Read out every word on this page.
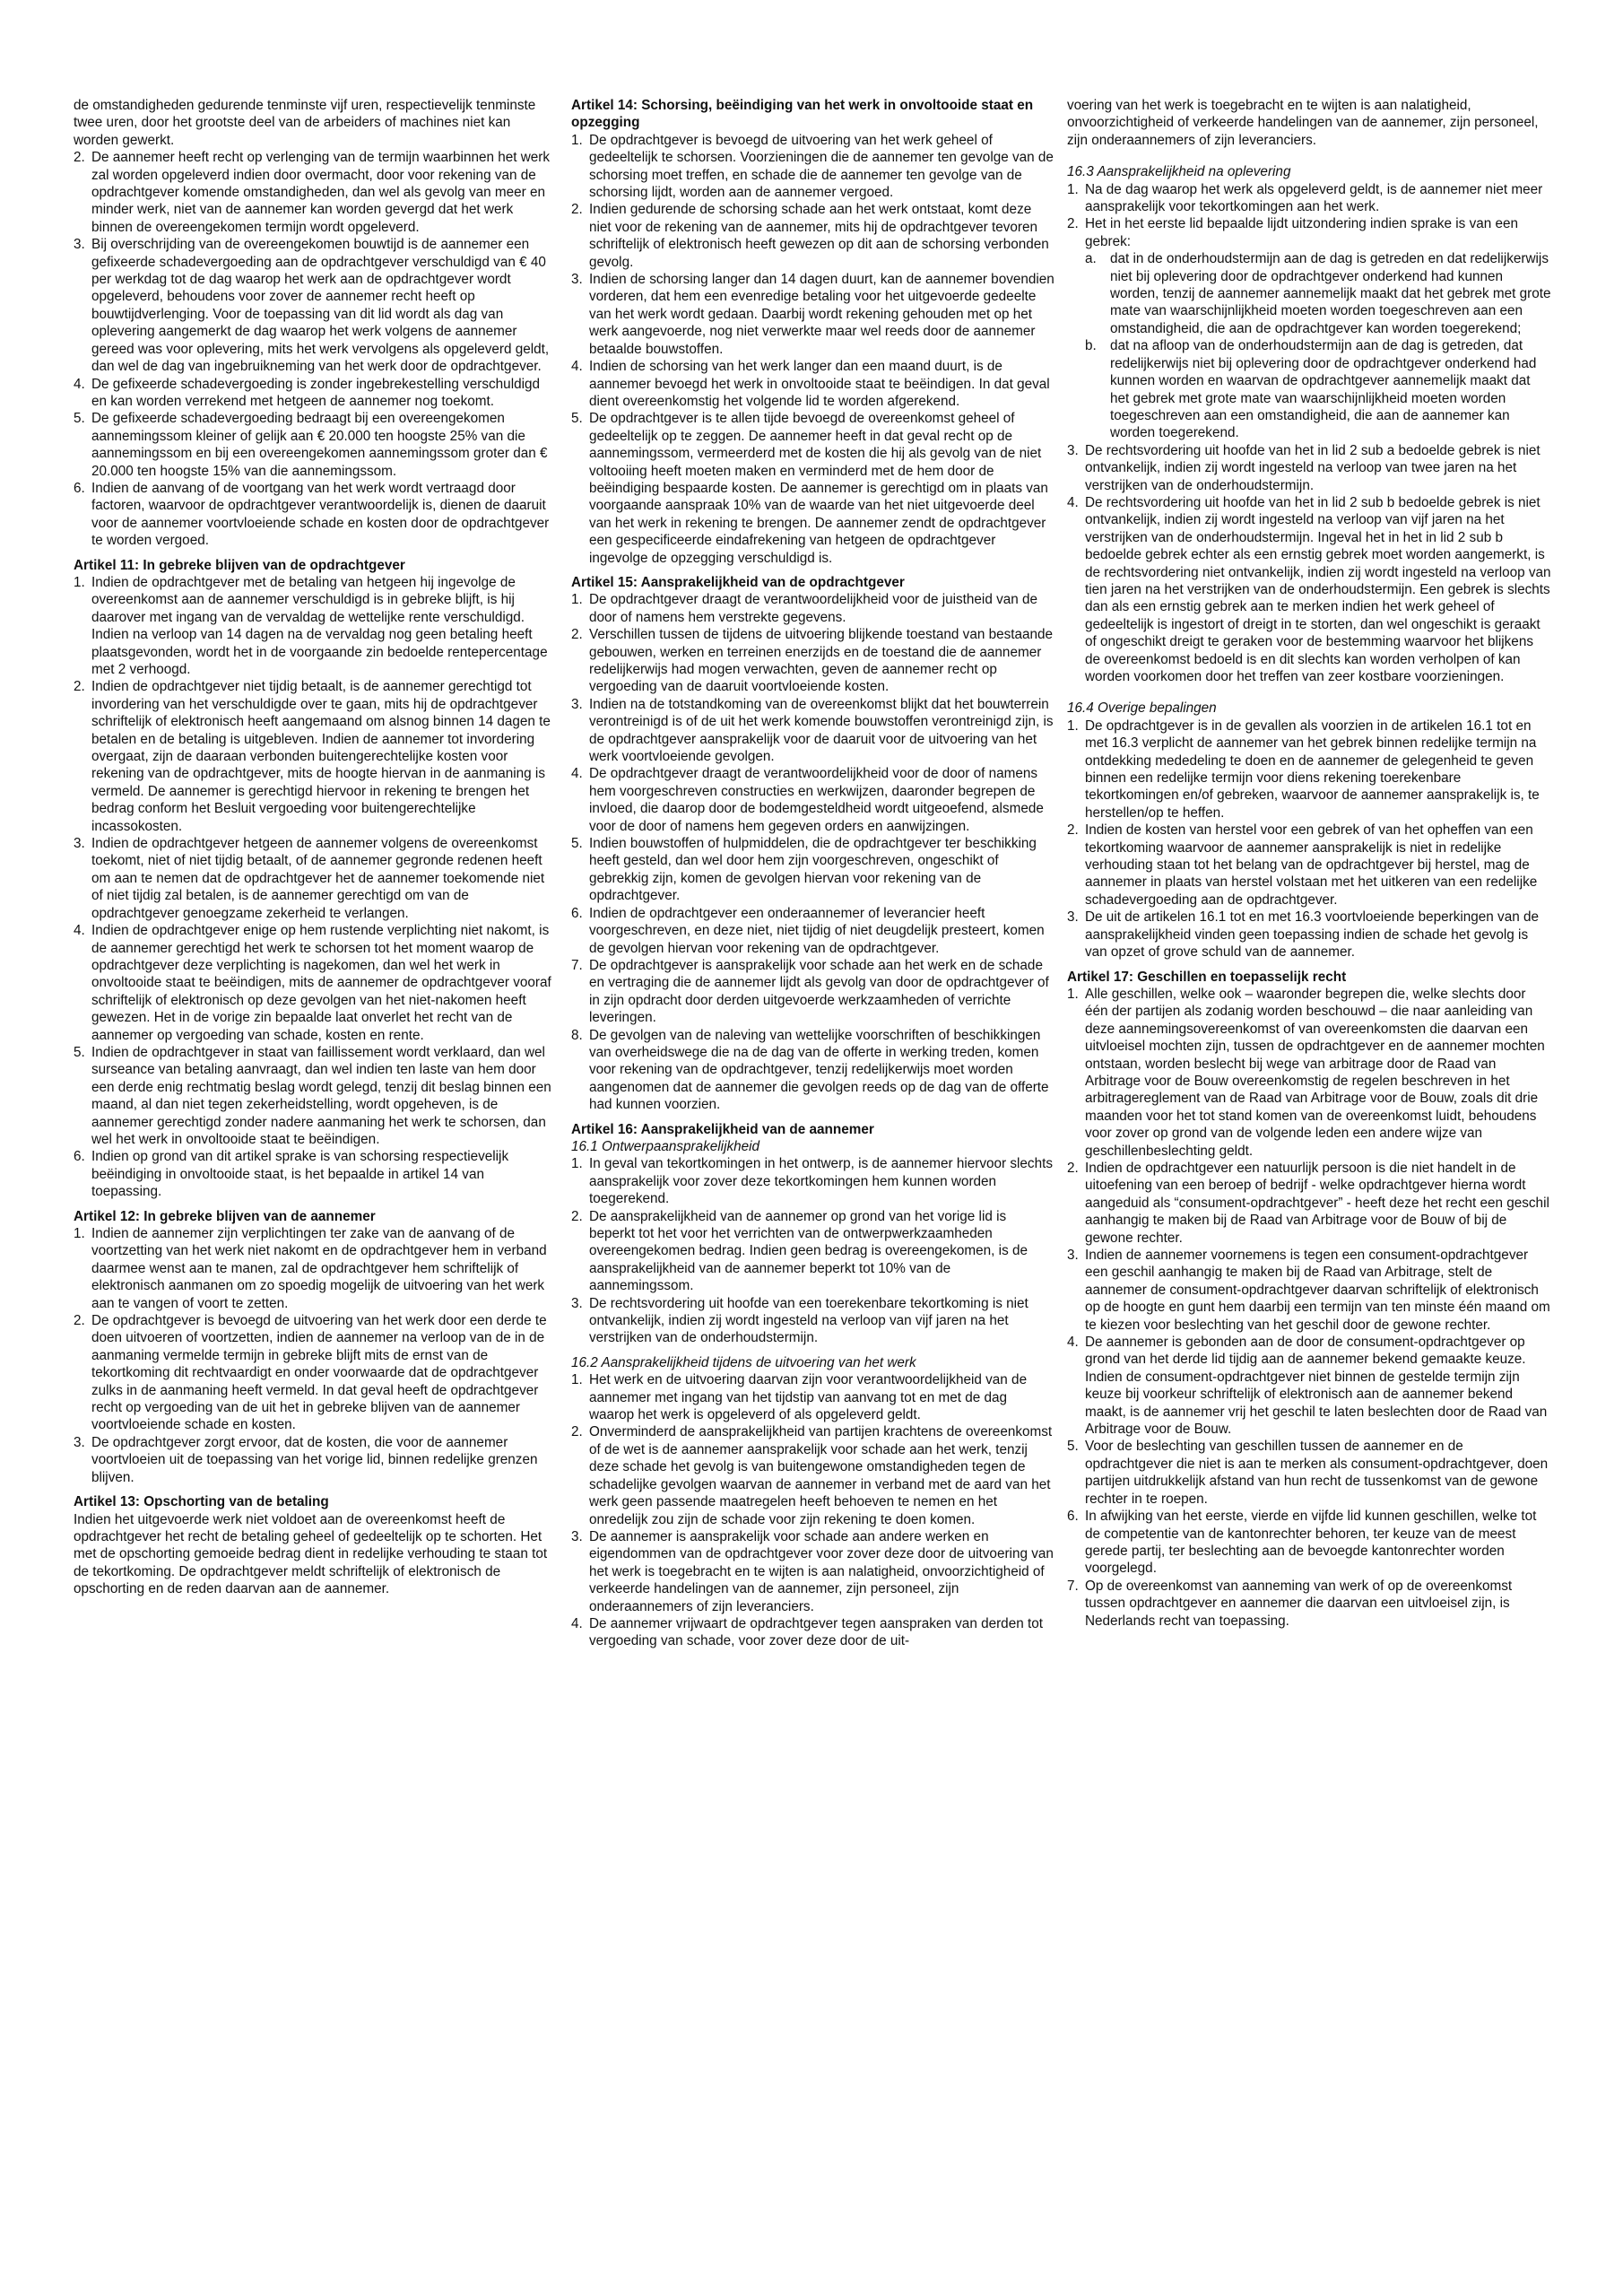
de omstandigheden gedurende tenminste vijf uren, respectievelijk tenminste twee uren, door het grootste deel van de arbeiders of machines niet kan worden gewerkt.

2. De aannemer heeft recht op verlenging van de termijn waarbinnen het werk zal worden opgeleverd indien door overmacht, door voor rekening van de opdrachtgever komende omstandigheden, dan wel als gevolg van meer en minder werk, niet van de aannemer kan worden gevergd dat het werk binnen de overeengekomen termijn wordt opgeleverd.
3. Bij overschrijding van de overeengekomen bouwtijd is de aannemer een gefixeerde schadevergoeding aan de opdrachtgever verschuldigd van € 40 per werkdag tot de dag waarop het werk aan de opdrachtgever wordt opgeleverd, behoudens voor zover de aannemer recht heeft op bouwtijdverlenging. Voor de toepassing van dit lid wordt als dag van oplevering aangemerkt de dag waarop het werk volgens de aannemer gereed was voor oplevering, mits het werk vervolgens als opgeleverd geldt, dan wel de dag van ingebruikneming van het werk door de opdrachtgever.
4. De gefixeerde schadevergoeding is zonder ingebrekestelling verschuldigd en kan worden verrekend met hetgeen de aannemer nog toekomt.
5. De gefixeerde schadevergoeding bedraagt bij een overeengekomen aannemingssom kleiner of gelijk aan € 20.000 ten hoogste 25% van die aannemingssom en bij een overeengekomen aannemingssom groter dan € 20.000 ten hoogste 15% van die aannemingssom.
6. Indien de aanvang of de voortgang van het werk wordt vertraagd door factoren, waarvoor de opdrachtgever verantwoordelijk is, dienen de daaruit voor de aannemer voortvloeiende schade en kosten door de opdrachtgever te worden vergoed.

Artikel 11: In gebreke blijven van de opdrachtgever

1. Indien de opdrachtgever met de betaling van hetgeen hij ingevolge de overeenkomst aan de aannemer verschuldigd is in gebreke blijft, is hij daarover met ingang van de vervaldag de wettelijke rente verschuldigd. Indien na verloop van 14 dagen na de vervaldag nog geen betaling heeft plaatsgevonden, wordt het in de voorgaande zin bedoelde rentepercentage met 2 verhoogd.
2. Indien de opdrachtgever niet tijdig betaalt, is de aannemer gerechtigd tot invordering van het verschuldigde over te gaan, mits hij de opdrachtgever schriftelijk of elektronisch heeft aangemaand om alsnog binnen 14 dagen te betalen en de betaling is uitgebleven. Indien de aannemer tot invordering overgaat, zijn de daaraan verbonden buitengerechtelijke kosten voor rekening van de opdrachtgever, mits de hoogte hiervan in de aanmaning is vermeld. De aannemer is gerechtigd hiervoor in rekening te brengen het bedrag conform het Besluit vergoeding voor buitengerechtelijke incassokosten.
3. Indien de opdrachtgever hetgeen de aannemer volgens de overeenkomst toekomt, niet of niet tijdig betaalt, of de aannemer gegronde redenen heeft om aan te nemen dat de opdrachtgever het de aannemer toekomende niet of niet tijdig zal betalen, is de aannemer gerechtigd om van de opdrachtgever genoegzame zekerheid te verlangen.
4. Indien de opdrachtgever enige op hem rustende verplichting niet nakomt, is de aannemer gerechtigd het werk te schorsen tot het moment waarop de opdrachtgever deze verplichting is nagekomen, dan wel het werk in onvoltooide staat te beëindigen, mits de aannemer de opdrachtgever vooraf schriftelijk of elektronisch op deze gevolgen van het niet-nakomen heeft gewezen. Het in de vorige zin bepaalde laat onverlet het recht van de aannemer op vergoeding van schade, kosten en rente.
5. Indien de opdrachtgever in staat van faillissement wordt verklaard, dan wel surseance van betaling aanvraagt, dan wel indien ten laste van hem door een derde enig rechtmatig beslag wordt gelegd, tenzij dit beslag binnen een maand, al dan niet tegen zekerheidstelling, wordt opgeheven, is de aannemer gerechtigd zonder nadere aanmaning het werk te schorsen, dan wel het werk in onvoltooide staat te beëindigen.
6. Indien op grond van dit artikel sprake is van schorsing respectievelijk beëindiging in onvoltooide staat, is het bepaalde in artikel 14 van toepassing.

Artikel 12: In gebreke blijven van de aannemer

1. Indien de aannemer zijn verplichtingen ter zake van de aanvang of de voortzetting van het werk niet nakomt en de opdrachtgever hem in verband daarmee wenst aan te manen, zal de opdrachtgever hem schriftelijk of elektronisch aanmanen om zo spoedig mogelijk de uitvoering van het werk aan te vangen of voort te zetten.
2. De opdrachtgever is bevoegd de uitvoering van het werk door een derde te doen uitvoeren of voortzetten, indien de aannemer na verloop van de in de aanmaning vermelde termijn in gebreke blijft mits de ernst van de tekortkoming dit rechtvaardigt en onder voorwaarde dat de opdrachtgever zulks in de aanmaning heeft vermeld. In dat geval heeft de opdrachtgever recht op vergoeding van de uit het in gebreke blijven van de aannemer voortvloeiende schade en kosten.
3. De opdrachtgever zorgt ervoor, dat de kosten, die voor de aannemer voortvloeien uit de toepassing van het vorige lid, binnen redelijke grenzen blijven.

Artikel 13: Opschorting van de betaling

Indien het uitgevoerde werk niet voldoet aan de overeenkomst heeft de opdrachtgever het recht de betaling geheel of gedeeltelijk op te schorten. Het met de opschorting gemoeide bedrag dient in redelijke verhouding te staan tot de tekortkoming. De opdrachtgever meldt schriftelijk of elektronisch de opschorting en de reden daarvan aan de aannemer.

Artikel 14: Schorsing, beëindiging van het werk in onvoltooide staat en opzegging

1. De opdrachtgever is bevoegd de uitvoering van het werk geheel of gedeeltelijk te schorsen. Voorzieningen die de aannemer ten gevolge van de schorsing moet treffen, en schade die de aannemer ten gevolge van de schorsing lijdt, worden aan de aannemer vergoed.
2. Indien gedurende de schorsing schade aan het werk ontstaat, komt deze niet voor de rekening van de aannemer, mits hij de opdrachtgever tevoren schriftelijk of elektronisch heeft gewezen op dit aan de schorsing verbonden gevolg.
3. Indien de schorsing langer dan 14 dagen duurt, kan de aannemer bovendien vorderen, dat hem een evenredige betaling voor het uitgevoerde gedeelte van het werk wordt gedaan. Daarbij wordt rekening gehouden met op het werk aangevoerde, nog niet verwerkte maar wel reeds door de aannemer betaalde bouwstoffen.
4. Indien de schorsing van het werk langer dan een maand duurt, is de aannemer bevoegd het werk in onvoltooide staat te beëindigen. In dat geval dient overeenkomstig het volgende lid te worden afgerekend.
5. De opdrachtgever is te allen tijde bevoegd de overeenkomst geheel of gedeeltelijk op te zeggen. De aannemer heeft in dat geval recht op de aannemingssom, vermeerderd met de kosten die hij als gevolg van de niet voltooiing heeft moeten maken en verminderd met de hem door de beëindiging bespaarde kosten. De aannemer is gerechtigd om in plaats van voorgaande aanspraak 10% van de waarde van het niet uitgevoerde deel van het werk in rekening te brengen. De aannemer zendt de opdrachtgever een gespecificeerde eindafrekening van hetgeen de opdrachtgever ingevolge de opzegging verschuldigd is.

Artikel 15: Aansprakelijkheid van de opdrachtgever

1. De opdrachtgever draagt de verantwoordelijkheid voor de juistheid van de door of namens hem verstrekte gegevens.
2. Verschillen tussen de tijdens de uitvoering blijkende toestand van bestaande gebouwen, werken en terreinen enerzijds en de toestand die de aannemer redelijkerwijs had mogen verwachten, geven de aannemer recht op vergoeding van de daaruit voortvloeiende kosten.
3. Indien na de totstandkoming van de overeenkomst blijkt dat het bouwterrein verontreinigd is of de uit het werk komende bouwstoffen verontreinigd zijn, is de opdrachtgever aansprakelijk voor de daaruit voor de uitvoering van het werk voortvloeiende gevolgen.
4. De opdrachtgever draagt de verantwoordelijkheid voor de door of namens hem voorgeschreven constructies en werkwijzen, daaronder begrepen de invloed, die daarop door de bodemgesteldheid wordt uitgeoefend, alsmede voor de door of namens hem gegeven orders en aanwijzingen.
5. Indien bouwstoffen of hulpmiddelen, die de opdrachtgever ter beschikking heeft gesteld, dan wel door hem zijn voorgeschreven, ongeschikt of gebrekkig zijn, komen de gevolgen hiervan voor rekening van de opdrachtgever.
6. Indien de opdrachtgever een onderaannemer of leverancier heeft voorgeschreven, en deze niet, niet tijdig of niet deugdelijk presteert, komen de gevolgen hiervan voor rekening van de opdrachtgever.
7. De opdrachtgever is aansprakelijk voor schade aan het werk en de schade en vertraging die de aannemer lijdt als gevolg van door de opdrachtgever of in zijn opdracht door derden uitgevoerde werkzaamheden of verrichte leveringen.
8. De gevolgen van de naleving van wettelijke voorschriften of beschikkingen van overheidswege die na de dag van de offerte in werking treden, komen voor rekening van de opdrachtgever, tenzij redelijkerwijs moet worden aangenomen dat de aannemer die gevolgen reeds op de dag van de offerte had kunnen voorzien.

Artikel 16: Aansprakelijkheid van de aannemer

16.1 Ontwerpaansprakelijkheid

1. In geval van tekortkomingen in het ontwerp, is de aannemer hiervoor slechts aansprakelijk voor zover deze tekortkomingen hem kunnen worden toegerekend.
2. De aansprakelijkheid van de aannemer op grond van het vorige lid is beperkt tot het voor het verrichten van de ontwerpwerkzaamheden overeengekomen bedrag. Indien geen bedrag is overeengekomen, is de aansprakelijkheid van de aannemer beperkt tot 10% van de aannemingssom.
3. De rechtsvordering uit hoofde van een toerekenbare tekortkoming is niet ontvankelijk, indien zij wordt ingesteld na verloop van vijf jaren na het verstrijken van de onderhoudstermijn.

16.2 Aansprakelijkheid tijdens de uitvoering van het werk

1. Het werk en de uitvoering daarvan zijn voor verantwoordelijkheid van de aannemer met ingang van het tijdstip van aanvang tot en met de dag waarop het werk is opgeleverd of als opgeleverd geldt.
2. Onverminderd de aansprakelijkheid van partijen krachtens de overeenkomst of de wet is de aannemer aansprakelijk voor schade aan het werk, tenzij deze schade het gevolg is van buitengewone omstandigheden tegen de schadelijke gevolgen waarvan de aannemer in verband met de aard van het werk geen passende maatregelen heeft behoeven te nemen en het onredelijk zou zijn de schade voor zijn rekening te doen komen.
3. De aannemer is aansprakelijk voor schade aan andere werken en eigendommen van de opdrachtgever voor zover deze door de uitvoering van het werk is toegebracht en te wijten is aan nalatigheid, onvoorzichtigheid of verkeerde handelingen van de aannemer, zijn personeel, zijn onderaannemers of zijn leveranciers.
4. De aannemer vrijwaart de opdrachtgever tegen aanspraken van derden tot vergoeding van schade, voor zover deze door de uit-

voering van het werk is toegebracht en te wijten is aan nalatigheid, onvoorzichtigheid of verkeerde handelingen van de aannemer, zijn personeel, zijn onderaannemers of zijn leveranciers.

16.3 Aansprakelijkheid na oplevering

1. Na de dag waarop het werk als opgeleverd geldt, is de aannemer niet meer aansprakelijk voor tekortkomingen aan het werk.
2. Het in het eerste lid bepaalde lijdt uitzondering indien sprake is van een gebrek:
a. dat in de onderhoudstermijn aan de dag is getreden en dat redelijkerwijs niet bij oplevering door de opdrachtgever onderkend had kunnen worden, tenzij de aannemer aannemelijk maakt dat het gebrek met grote mate van waarschijnlijkheid moeten worden toegeschreven aan een omstandigheid, die aan de opdrachtgever kan worden toegerekend;
b. dat na afloop van de onderhoudstermijn aan de dag is getreden, dat redelijkerwijs niet bij oplevering door de opdrachtgever onderkend had kunnen worden en waarvan de opdrachtgever aannemelijk maakt dat het gebrek met grote mate van waarschijnlijkheid moeten worden toegeschreven aan een omstandigheid, die aan de aannemer kan worden toegerekend.
3. De rechtsvordering uit hoofde van het in lid 2 sub a bedoelde gebrek is niet ontvankelijk, indien zij wordt ingesteld na verloop van twee jaren na het verstrijken van de onderhoudstermijn.
4. De rechtsvordering uit hoofde van het in lid 2 sub b bedoelde gebrek is niet ontvankelijk, indien zij wordt ingesteld na verloop van vijf jaren na het verstrijken van de onderhoudstermijn. Ingeval het in het in lid 2 sub b bedoelde gebrek echter als een ernstig gebrek moet worden aangemerkt, is de rechtsvordering niet ontvankelijk, indien zij wordt ingesteld na verloop van tien jaren na het verstrijken van de onderhoudstermijn. Een gebrek is slechts dan als een ernstig gebrek aan te merken indien het werk geheel of gedeeltelijk is ingestort of dreigt in te storten, dan wel ongeschikt is geraakt of ongeschikt dreigt te geraken voor de bestemming waarvoor het blijkens de overeenkomst bedoeld is en dit slechts kan worden verholpen of kan worden voorkomen door het treffen van zeer kostbare voorzieningen.

16.4 Overige bepalingen

1. De opdrachtgever is in de gevallen als voorzien in de artikelen 16.1 tot en met 16.3 verplicht de aannemer van het gebrek binnen redelijke termijn na ontdekking mededeling te doen en de aannemer de gelegenheid te geven binnen een redelijke termijn voor diens rekening toerekenbare tekortkomingen en/of gebreken, waarvoor de aannemer aansprakelijk is, te herstellen/op te heffen.
2. Indien de kosten van herstel voor een gebrek of van het opheffen van een tekortkoming waarvoor de aannemer aansprakelijk is niet in redelijke verhouding staan tot het belang van de opdrachtgever bij herstel, mag de aannemer in plaats van herstel volstaan met het uitkeren van een redelijke schadevergoeding aan de opdrachtgever.
3. De uit de artikelen 16.1 tot en met 16.3 voortvloeiende beperkingen van de aansprakelijkheid vinden geen toepassing indien de schade het gevolg is van opzet of grove schuld van de aannemer.

Artikel 17: Geschillen en toepasselijk recht

1. Alle geschillen, welke ook – waaronder begrepen die, welke slechts door één der partijen als zodanig worden beschouwd – die naar aanleiding van deze aannemingsovereenkomst of van overeenkomsten die daarvan een uitvloeisel mochten zijn, tussen de opdrachtgever en de aannemer mochten ontstaan, worden beslecht bij wege van arbitrage door de Raad van Arbitrage voor de Bouw overeenkomstig de regelen beschreven in het arbitragereglement van de Raad van Arbitrage voor de Bouw, zoals dit drie maanden voor het tot stand komen van de overeenkomst luidt, behoudens voor zover op grond van de volgende leden een andere wijze van geschillenbeslechting geldt.
2. Indien de opdrachtgever een natuurlijk persoon is die niet handelt in de uitoefening van een beroep of bedrijf - welke opdrachtgever hierna wordt aangeduid als “consument-opdrachtgever” - heeft deze het recht een geschil aanhangig te maken bij de Raad van Arbitrage voor de Bouw of bij de gewone rechter.
3. Indien de aannemer voornemens is tegen een consument-opdrachtgever een geschil aanhangig te maken bij de Raad van Arbitrage, stelt de aannemer de consument-opdrachtgever daarvan schriftelijk of elektronisch op de hoogte en gunt hem daarbij een termijn van ten minste één maand om te kiezen voor beslechting van het geschil door de gewone rechter.
4. De aannemer is gebonden aan de door de consument-opdrachtgever op grond van het derde lid tijdig aan de aannemer bekend gemaakte keuze. Indien de consument-opdrachtgever niet binnen de gestelde termijn zijn keuze bij voorkeur schriftelijk of elektronisch aan de aannemer bekend maakt, is de aannemer vrij het geschil te laten beslechten door de Raad van Arbitrage voor de Bouw.
5. Voor de beslechting van geschillen tussen de aannemer en de opdrachtgever die niet is aan te merken als consument-opdrachtgever, doen partijen uitdrukkelijk afstand van hun recht de tussenkomst van de gewone rechter in te roepen.
6. In afwijking van het eerste, vierde en vijfde lid kunnen geschillen, welke tot de competentie van de kantonrechter behoren, ter keuze van de meest gerede partij, ter beslechting aan de bevoegde kantonrechter worden voorgelegd.
7. Op de overeenkomst van aanneming van werk of op de overeenkomst tussen opdrachtgever en aannemer die daarvan een uitvloeisel zijn, is Nederlands recht van toepassing.
